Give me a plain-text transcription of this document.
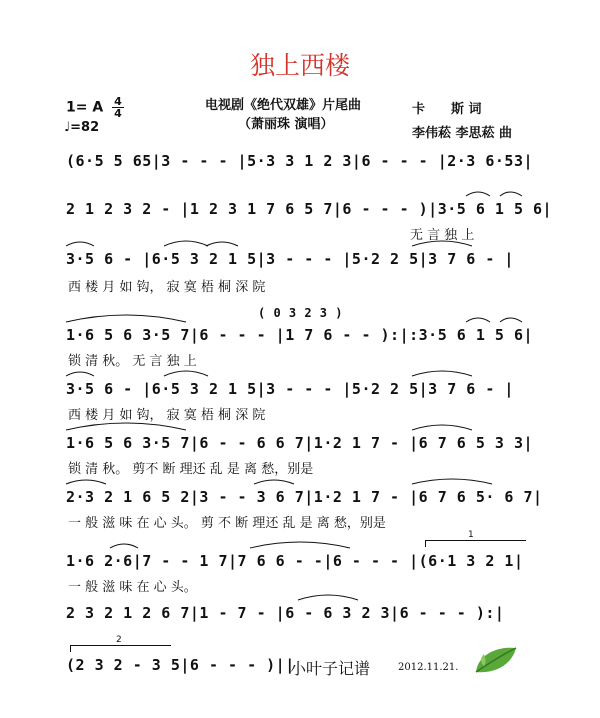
独上西楼
电视剧《绝代双雄》片尾曲
（萧丽珠 演唱）
1= A $\frac{4}{4}$
♩=82
卡　　斯 词
李伟菘 李思菘 曲
(6·5 5 65|3 - - - |5·3 3 1 2 3|6 - - - |2·3 6·53|
2 1 2 3 2 - |1 2 3 1 7 6 5 7|6 - - - )|3·5 6 1 5 6|
无 言 独 上
3·5 6 - |6·5 3 2 1 5|3 - - - |5·2 2 5|3 7 6 - |
西 楼 月 如 钩， 寂 寞 梧 桐 深 院
( 0 3 2 3 )
1·6 5 6 3·5 7|6 - - - |1 7 6 - - ):|:3·5 6 1 5 6|
锁 清 秋。 无 言 独 上
3·5 6 - |6·5 3 2 1 5|3 - - - |5·2 2 5|3 7 6 - |
西 楼 月 如 钩， 寂 寞 梧 桐 深 院
1·6 5 6 3·5 7|6 - - 6 6 7|1·2 1 7 - |6 7 6 5 3 3|
锁 清 秋。 剪不 断 理还 乱 是 离 愁，别是
2·3 2 1 6 5 2|3 - - 3 6 7|1·2 1 7 - |6 7 6 5· 6 7|
一 般 滋 味 在 心 头。 剪 不 断 理还 乱 是 离 愁，别是
1
1·6 2·6|7 - - 1 7|7 6 6 - -|6 - - - |(6·1 3 2 1|
一 般 滋 味 在 心 头。
2 3 2 1 2 6 7|1 - 7 - |6 - 6 3 2 3|6 - - - ):|
2
(2 3 2 - 3 5|6 - - - )||
小叶子记谱	2012.11.21.
